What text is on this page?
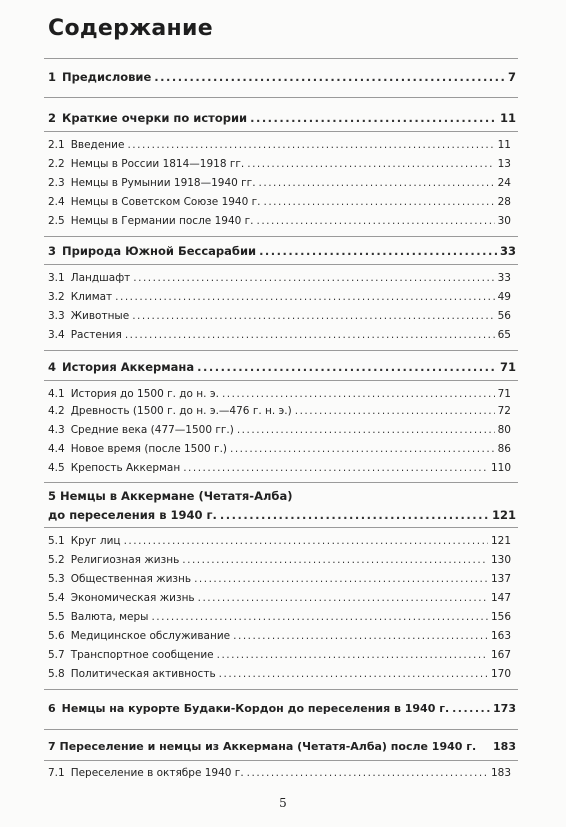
Содержание
1 Предисловие .....	7
2 Краткие очерки по истории .....	11
2.1 Введение .....	11
2.2 Немцы в России 1814—1918 гг. .....	13
2.3 Немцы в Румынии 1918—1940 гг. .....	24
2.4 Немцы в Советском Союзе 1940 г. .....	28
2.5 Немцы в Германии после 1940 г. .....	30
3 Природа Южной Бессарабии .....	33
3.1 Ландшафт .....	33
3.2 Климат .....	49
3.3 Животные .....	56
3.4 Растения .....	65
4 История Аккермана .....	71
4.1 История до 1500 г. до н. э. .....	71
4.2 Древность (1500 г. до н. э.—476 г. н. э.) .....	72
4.3 Средние века (477—1500 гг.) .....	80
4.4 Новое время (после 1500 г.) .....	86
4.5 Крепость Аккерман .....	110
5 Немцы в Аккермане (Четатя-Алба)
до переселения в 1940 г. .....	121
5.1 Круг лиц .....	121
5.2 Религиозная жизнь .....	130
5.3 Общественная жизнь .....	137
5.4 Экономическая жизнь .....	147
5.5 Валюта, меры .....	156
5.6 Медицинское обслуживание .....	163
5.7 Транспортное сообщение .....	167
5.8 Политическая активность .....	170
6 Немцы на курорте Будаки-Кордон до переселения в 1940 г. .....	173
7 Переселение и немцы из Аккермана (Четатя-Алба) после 1940 г. 183
7.1 Переселение в октябре 1940 г. .....	183
5
